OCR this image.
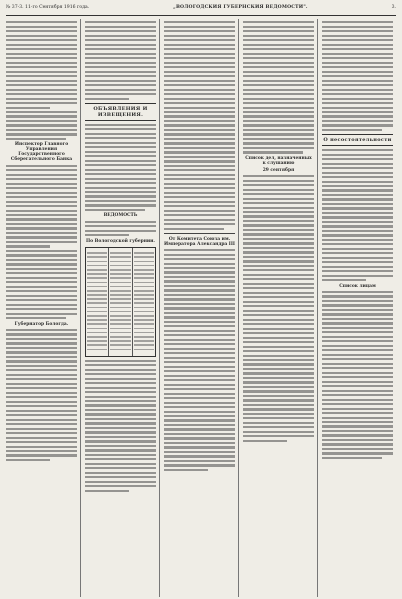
№ 37-3. 11-го Сентября 1916 года.	„ВОЛОГОДСКИЯ ГУБЕРНСКИЯ ВЕДОМОСТИ".	3.
Инспектор Главного Управления Государственного Сберегательного Банка
Губернатор Бологда.
ОБЪЯВЛЕНИЯ И ИЗВЕЩЕНИЯ.
ВЕДОМОСТЬ
По Вологодской губернии.	От Комитета Союза им. Императора Александра III
Список дел, назначенных к слушанию
29 сентября
О несостоятельности
Список лицам
